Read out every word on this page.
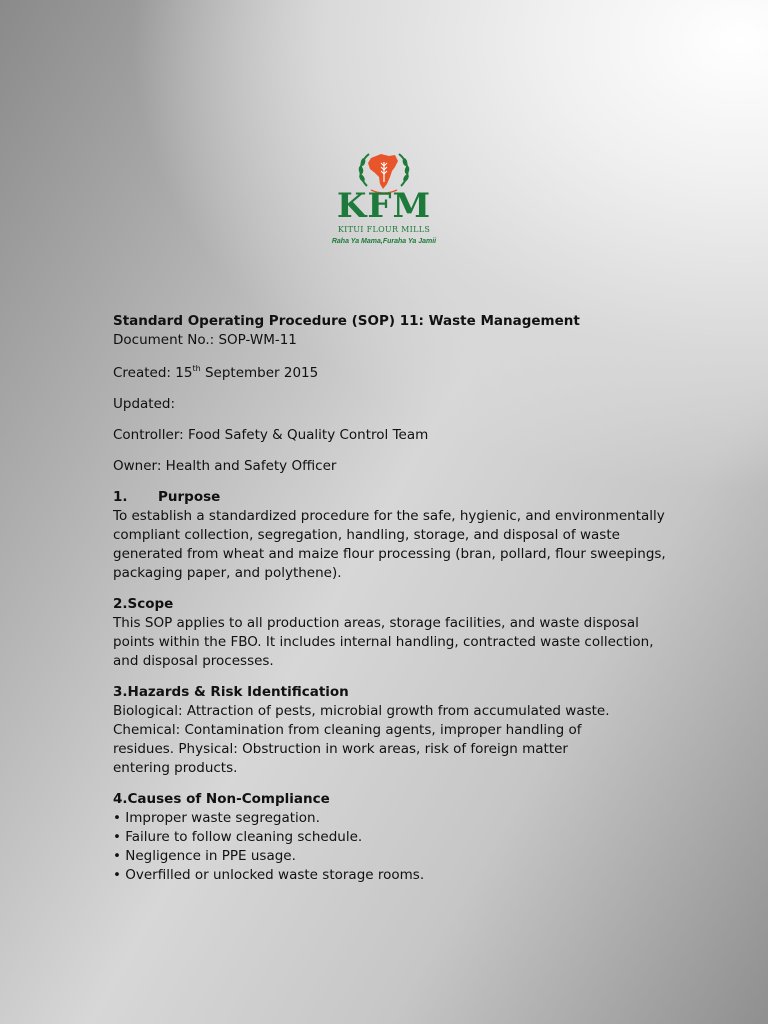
KFM
KITUI FLOUR MILLS
Raha Ya Mama,Furaha Ya Jamii

Standard Operating Procedure (SOP) 11: Waste Management

Document No.: SOP-WM-11

Created: 15th September 2015

Updated:

Controller: Food Safety & Quality Control Team

Owner: Health and Safety Officer

1. Purpose

To establish a standardized procedure for the safe, hygienic, and environmentally compliant collection, segregation, handling, storage, and disposal of waste generated from wheat and maize flour processing (bran, pollard, flour sweepings, packaging paper, and polythene).

2.Scope

This SOP applies to all production areas, storage facilities, and waste disposal points within the FBO. It includes internal handling, contracted waste collection, and disposal processes.

3.Hazards & Risk Identification

Biological: Attraction of pests, microbial growth from accumulated waste. Chemical: Contamination from cleaning agents, improper handling of residues. Physical: Obstruction in work areas, risk of foreign matter entering products.

4.Causes of Non-Compliance

• Improper waste segregation.
• Failure to follow cleaning schedule.
• Negligence in PPE usage.
• Overfilled or unlocked waste storage rooms.
